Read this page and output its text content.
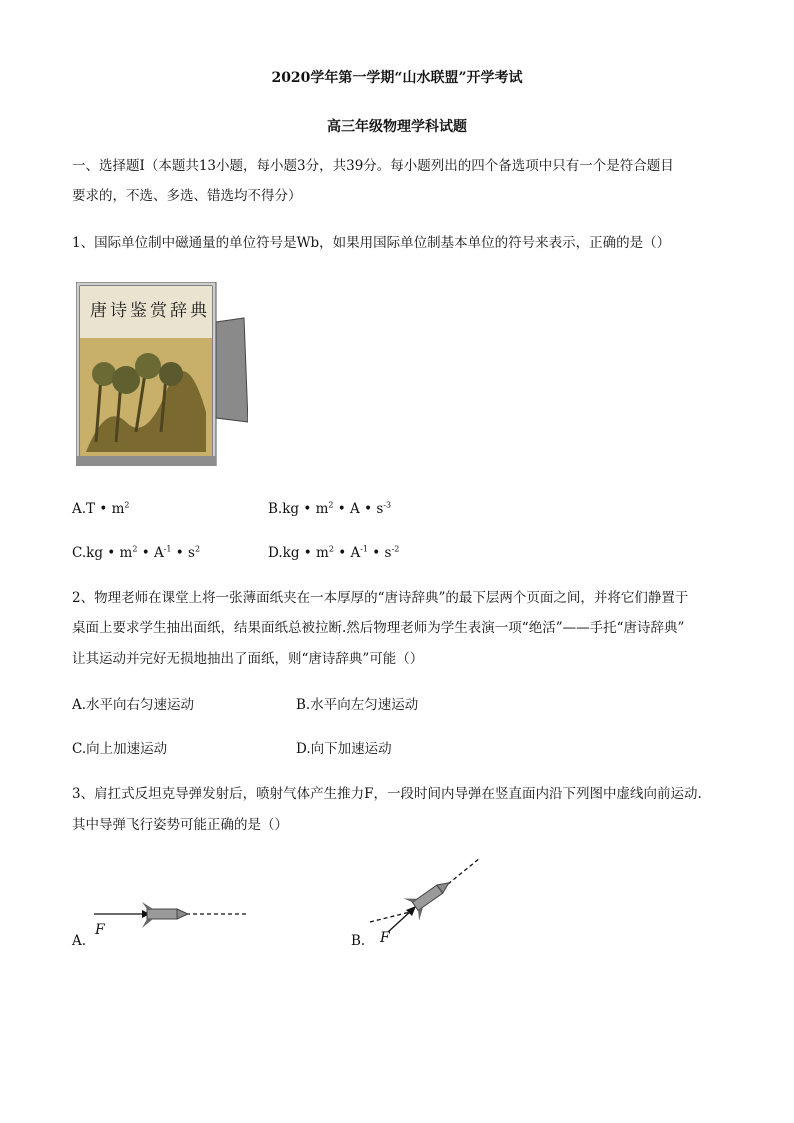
2020学年第一学期“山水联盟”开学考试
高三年级物理学科试题
一、选择题Ⅰ（本题共13小题，每小题3分，共39分。每小题列出的四个备选项中只有一个是符合题目
要求的，不选、多选、错选均不得分）
1、国际单位制中磁通量的单位符号是Wb，如果用国际单位制基本单位的符号来表示，正确的是（）
唐诗鉴赏辞典
A.T • $m^2$	B.kg • $m^2$ • A • $s^{-3}$
C.kg • $m^2$ • $A^{-1}$ • $s^2$	D.kg • $m^2$ • $A^{-1}$ • $s^{-2}$
2、物理老师在课堂上将一张薄面纸夹在一本厚厚的“唐诗辞典”的最下层两个页面之间，并将它们静置于
桌面上要求学生抽出面纸，结果面纸总被拉断.然后物理老师为学生表演一项“绝活”——手托“唐诗辞典”
让其运动并完好无损地抽出了面纸，则“唐诗辞典”可能（）
A.水平向右匀速运动	B.水平向左匀速运动
C.向上加速运动	D.向下加速运动
3、肩扛式反坦克导弹发射后，喷射气体产生推力F，一段时间内导弹在竖直面内沿下列图中虚线向前运动.
其中导弹飞行姿势可能正确的是（）
A.
F
B. F
